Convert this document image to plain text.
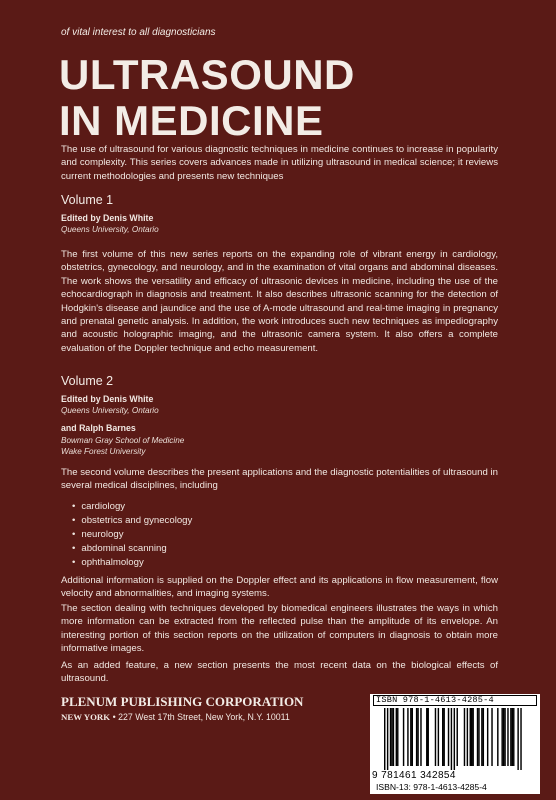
of vital interest to all diagnosticians
ULTRASOUND
IN MEDICINE

The use of ultrasound for various diagnostic techniques in medicine continues to increase in popularity and complexity. This series covers advances made in utilizing ultrasound in medical science; it reviews current methodologies and presents new techniques

Volume 1
Edited by Denis White
Queens University, Ontario

The first volume of this new series reports on the expanding role of vibrant energy in cardiology, obstetrics, gynecology, and neurology, and in the examination of vital organs and abdominal diseases. The work shows the versatility and efficacy of ultrasonic devices in medicine, including the use of the echocardiograph in diagnosis and treatment. It also describes ultrasonic scanning for the detection of Hodgkin's disease and jaundice and the use of A-mode ultrasound and real-time imaging in pregnancy and prenatal genetic analysis. In addition, the work introduces such new techniques as impediography and acoustic holographic imaging, and the ultrasonic camera system. It also offers a complete evaluation of the Doppler technique and echo measurement.

Volume 2
Edited by Denis White
Queens University, Ontario
and Ralph Barnes
Bowman Gray School of Medicine
Wake Forest University

The second volume describes the present applications and the diagnostic potentialities of ultrasound in several medical disciplines, including

• cardiology
• obstetrics and gynecology
• neurology
• abdominal scanning
• ophthalmology

Additional information is supplied on the Doppler effect and its applications in flow measurement, flow velocity and abnormalities, and imaging systems.

The section dealing with techniques developed by biomedical engineers illustrates the ways in which more information can be extracted from the reflected pulse than the amplitude of its envelope. An interesting portion of this section reports on the utilization of computers in diagnosis to obtain more informative images.

As an added feature, a new section presents the most recent data on the biological effects of ultrasound.

PLENUM PUBLISHING CORPORATION
NEW YORK • 227 West 17th Street, New York, N.Y. 10011
ISBN 978-1-4613-4285-4
9 781461 342854
ISBN-13: 978-1-4613-4285-4
